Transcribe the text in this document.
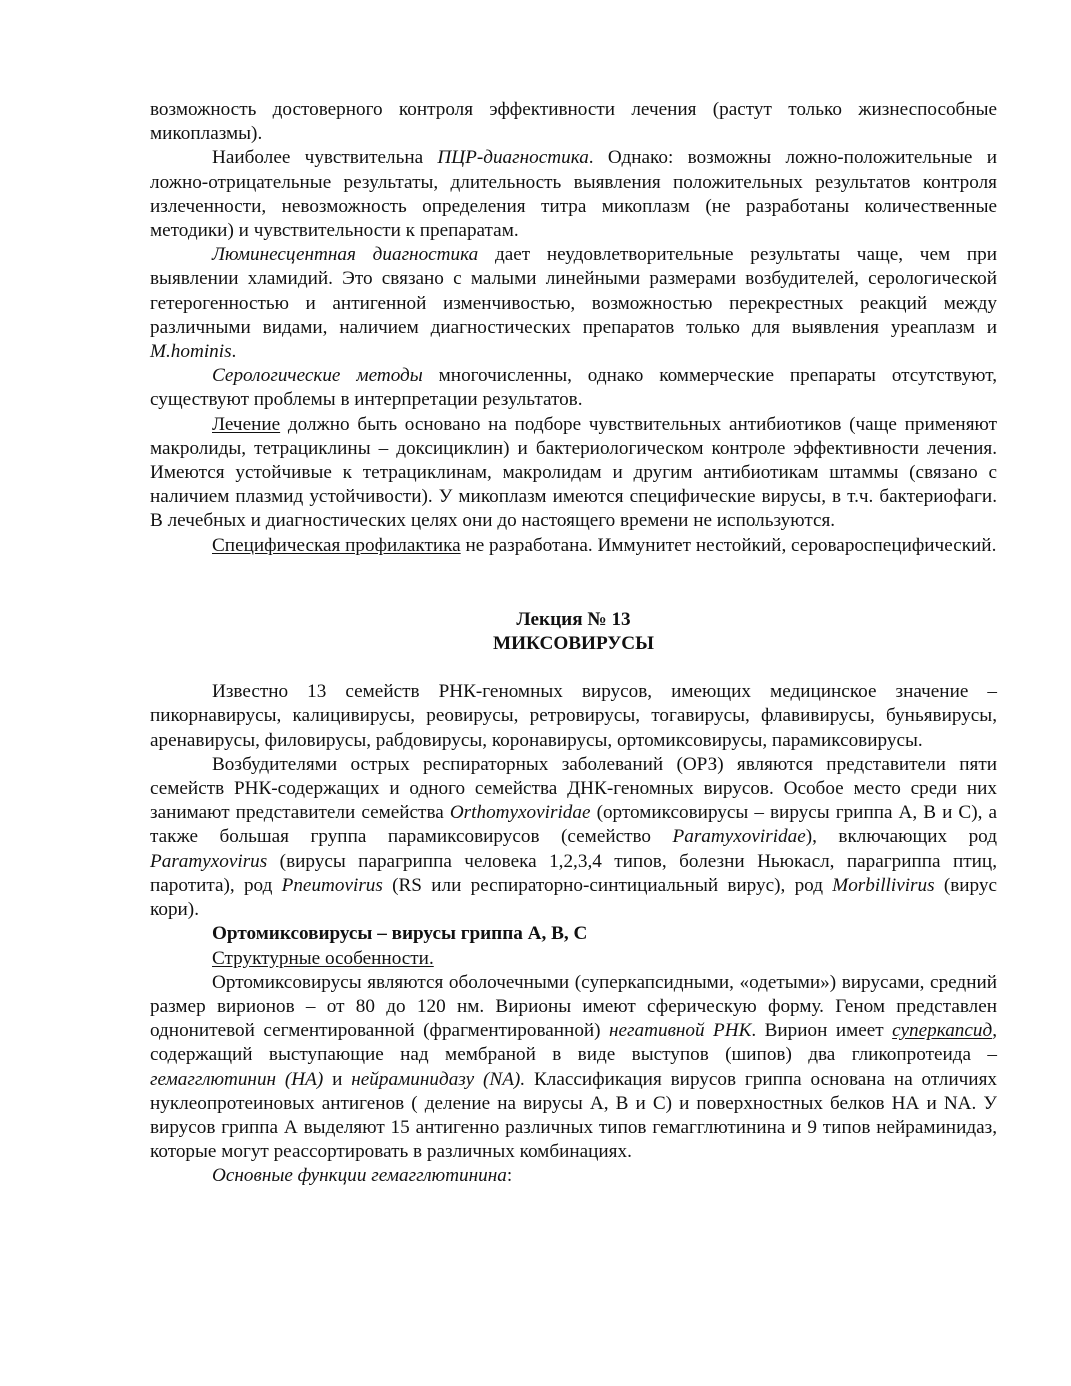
возможность достоверного контроля эффективности лечения (растут только жизнеспособные микоплазмы).

Наиболее чувствительна ПЦР-диагностика. Однако: возможны ложно-положительные и ложно-отрицательные результаты, длительность выявления положительных результатов контроля излеченности, невозможность определения титра микоплазм (не разработаны количественные методики) и чувствительности к препаратам.

Люминесцентная диагностика дает неудовлетворительные результаты чаще, чем при выявлении хламидий. Это связано с малыми линейными размерами возбудителей, серологической гетерогенностью и антигенной изменчивостью, возможностью перекрестных реакций между различными видами, наличием диагностических препаратов только для выявления уреаплазм и M.hominis.

Серологические методы многочисленны, однако коммерческие препараты отсутствуют, существуют проблемы в интерпретации результатов.

Лечение должно быть основано на подборе чувствительных антибиотиков (чаще применяют макролиды, тетрациклины – доксициклин) и бактериологическом контроле эффективности лечения. Имеются устойчивые к тетрациклинам, макролидам и другим антибиотикам штаммы (связано с наличием плазмид устойчивости). У микоплазм имеются специфические вирусы, в т.ч. бактериофаги. В лечебных и диагностических целях они до настоящего времени не используются.

Специфическая профилактика не разработана. Иммунитет нестойкий, сероварoспецифический.

Лекция № 13

МИКСОВИРУСЫ

Известно 13 семейств РНК-геномных вирусов, имеющих медицинское значение – пикорнавирусы, калицивирусы, реовирусы, ретровирусы, тогавирусы, флавивирусы, буньявирусы, аренавирусы, филовирусы, рабдовирусы, коронавирусы, ортомиксовирусы, парамиксовирусы.

Возбудителями острых респираторных заболеваний (ОРЗ) являются представители пяти семейств РНК-содержащих и одного семейства ДНК-геномных вирусов. Особое место среди них занимают представители семейства Orthomyxoviridae (ортомиксовирусы – вирусы гриппа А, В и С), а также большая группа парамиксовирусов (семейство Paramyxoviridae), включающих род Paramyxovirus (вирусы парагриппа человека 1,2,3,4 типов, болезни Ньюкасл, парагриппа птиц, паротита), род Pneumovirus (RS или респираторно-синтициальный вирус), род Morbillivirus (вирус кори).

Ортомиксовирусы – вирусы гриппа А, В, С

Структурные особенности.

Ортомиксовирусы являются оболочечными (суперкапсидными, «одетыми») вирусами, средний размер вирионов – от 80 до 120 нм. Вирионы имеют сферическую форму. Геном представлен однонитевой сегментированной (фрагментированной) негативной РНК. Вирион имеет суперкапсид, содержащий выступающие над мембраной в виде выступов (шипов) два гликопротеида – гемагглютинин (НА) и нейраминидазу (NA). Классификация вирусов гриппа основана на отличиях нуклеопротеиновых антигенов ( деление на вирусы А, В и С) и поверхностных белков НА и NA. У вирусов гриппа А выделяют 15 антигенно различных типов гемагглютинина и 9 типов нейраминидаз, которые могут реассортировать в различных комбинациях.

Основные функции гемагглютинина:
